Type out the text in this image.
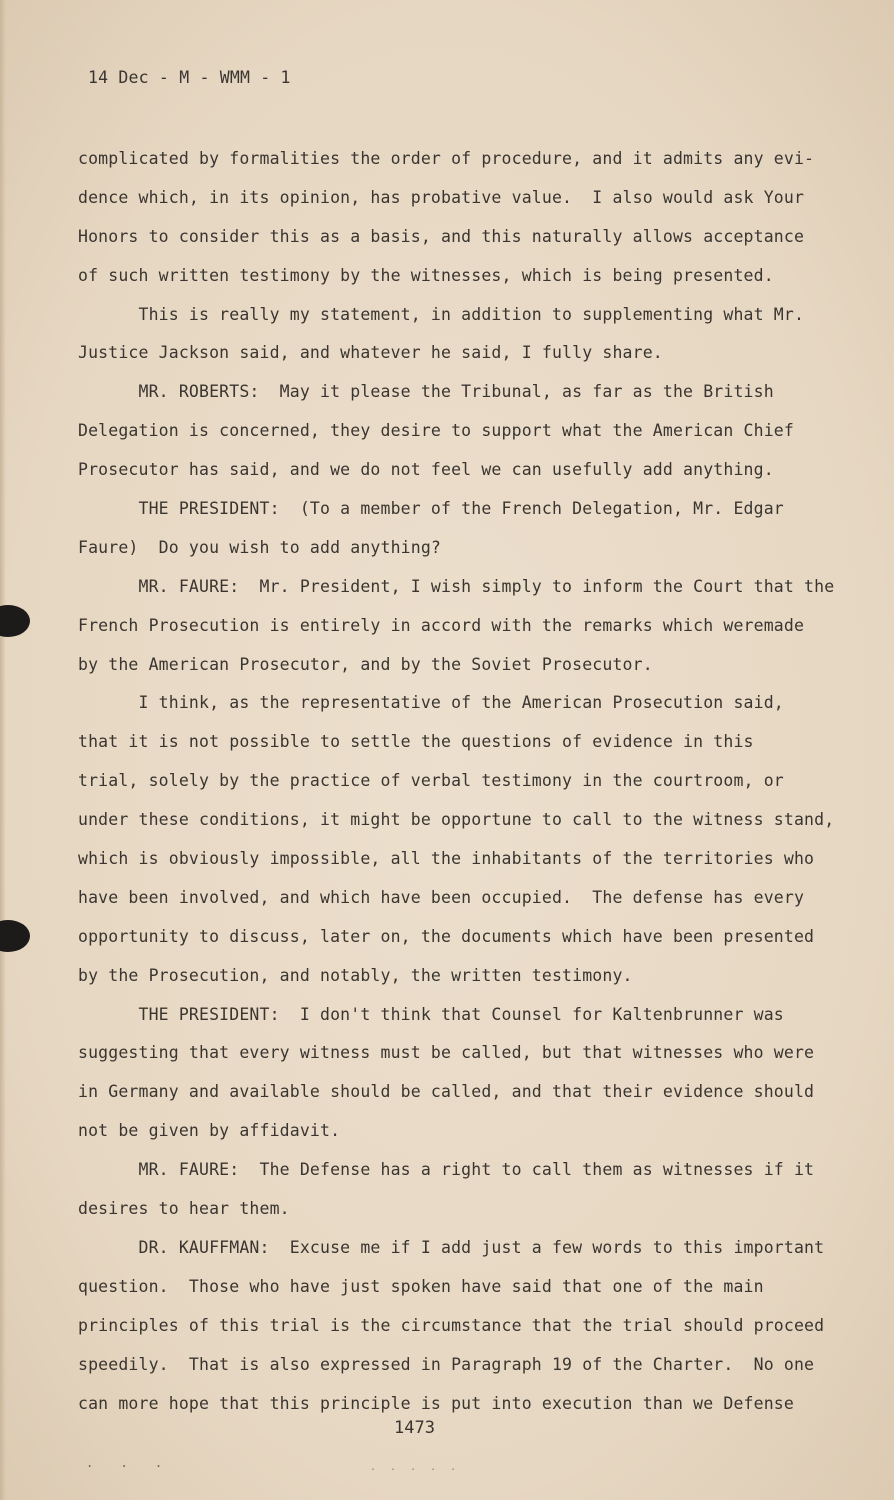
14 Dec - M - WMM - 1
complicated by formalities the order of procedure, and it admits any evi-
dence which, in its opinion, has probative value.  I also would ask Your
Honors to consider this as a basis, and this naturally allows acceptance
of such written testimony by the witnesses, which is being presented.
This is really my statement, in addition to supplementing what Mr.
Justice Jackson said, and whatever he said, I fully share.
MR. ROBERTS:  May it please the Tribunal, as far as the British
Delegation is concerned, they desire to support what the American Chief
Prosecutor has said, and we do not feel we can usefully add anything.
THE PRESIDENT:  (To a member of the French Delegation, Mr. Edgar
Faure)  Do you wish to add anything?
MR. FAURE:  Mr. President, I wish simply to inform the Court that the
French Prosecution is entirely in accord with the remarks which weremade
by the American Prosecutor, and by the Soviet Prosecutor.
I think, as the representative of the American Prosecution said,
that it is not possible to settle the questions of evidence in this
trial, solely by the practice of verbal testimony in the courtroom, or
under these conditions, it might be opportune to call to the witness stand,
which is obviously impossible, all the inhabitants of the territories who
have been involved, and which have been occupied.  The defense has every
opportunity to discuss, later on, the documents which have been presented
by the Prosecution, and notably, the written testimony.
THE PRESIDENT:  I don't think that Counsel for Kaltenbrunner was
suggesting that every witness must be called, but that witnesses who were
in Germany and available should be called, and that their evidence should
not be given by affidavit.
MR. FAURE:  The Defense has a right to call them as witnesses if it
desires to hear them.
DR. KAUFFMAN:  Excuse me if I add just a few words to this important
question.  Those who have just spoken have said that one of the main
principles of this trial is the circumstance that the trial should proceed
speedily.  That is also expressed in Paragraph 19 of the Charter.  No one
can more hope that this principle is put into execution than we Defense
1473
. . .	. . . . .
